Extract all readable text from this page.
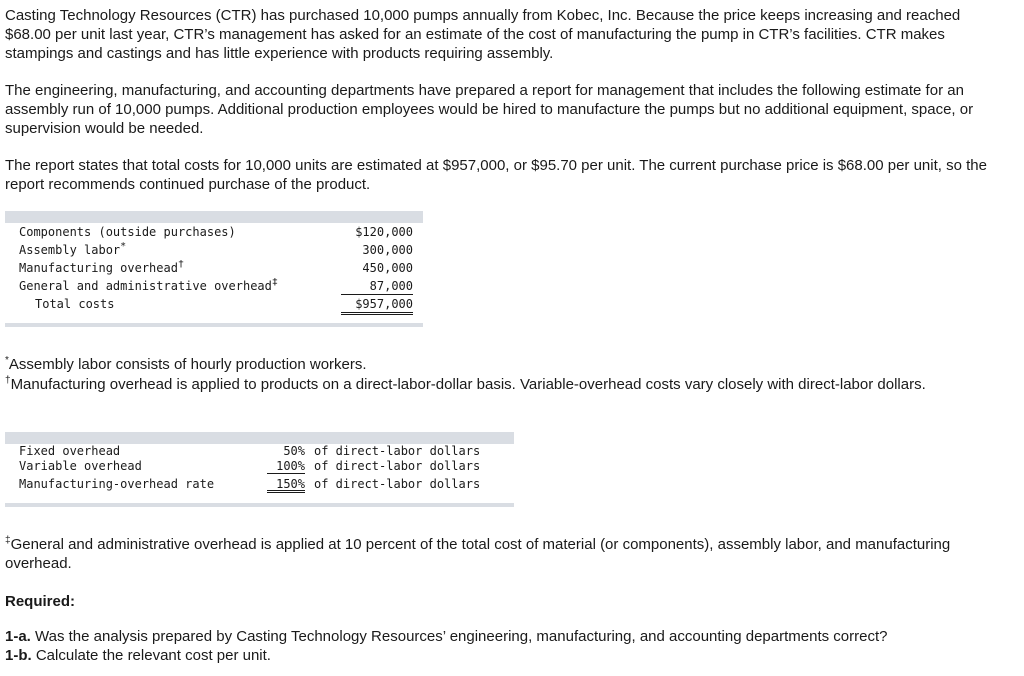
Casting Technology Resources (CTR) has purchased 10,000 pumps annually from Kobec, Inc. Because the price keeps increasing and reached $68.00 per unit last year, CTR’s management has asked for an estimate of the cost of manufacturing the pump in CTR’s facilities. CTR makes stampings and castings and has little experience with products requiring assembly.

The engineering, manufacturing, and accounting departments have prepared a report for management that includes the following estimate for an assembly run of 10,000 pumps. Additional production employees would be hired to manufacture the pumps but no additional equipment, space, or supervision would be needed.

The report states that total costs for 10,000 units are estimated at $957,000, or $95.70 per unit. The current purchase price is $68.00 per unit, so the report recommends continued purchase of the product.

Components (outside purchases)	$120,000
Assembly labor*	300,000
Manufacturing overhead†	450,000
General and administrative overhead‡	87,000
Total costs	$957,000

*Assembly labor consists of hourly production workers.

†Manufacturing overhead is applied to products on a direct-labor-dollar basis. Variable-overhead costs vary closely with direct-labor dollars.

Fixed overhead	50% of direct-labor dollars
Variable overhead	100% of direct-labor dollars
Manufacturing-overhead rate	150% of direct-labor dollars

‡General and administrative overhead is applied at 10 percent of the total cost of material (or components), assembly labor, and manufacturing overhead.

Required:

1-a. Was the analysis prepared by Casting Technology Resources’ engineering, manufacturing, and accounting departments correct?

1-b. Calculate the relevant cost per unit.
